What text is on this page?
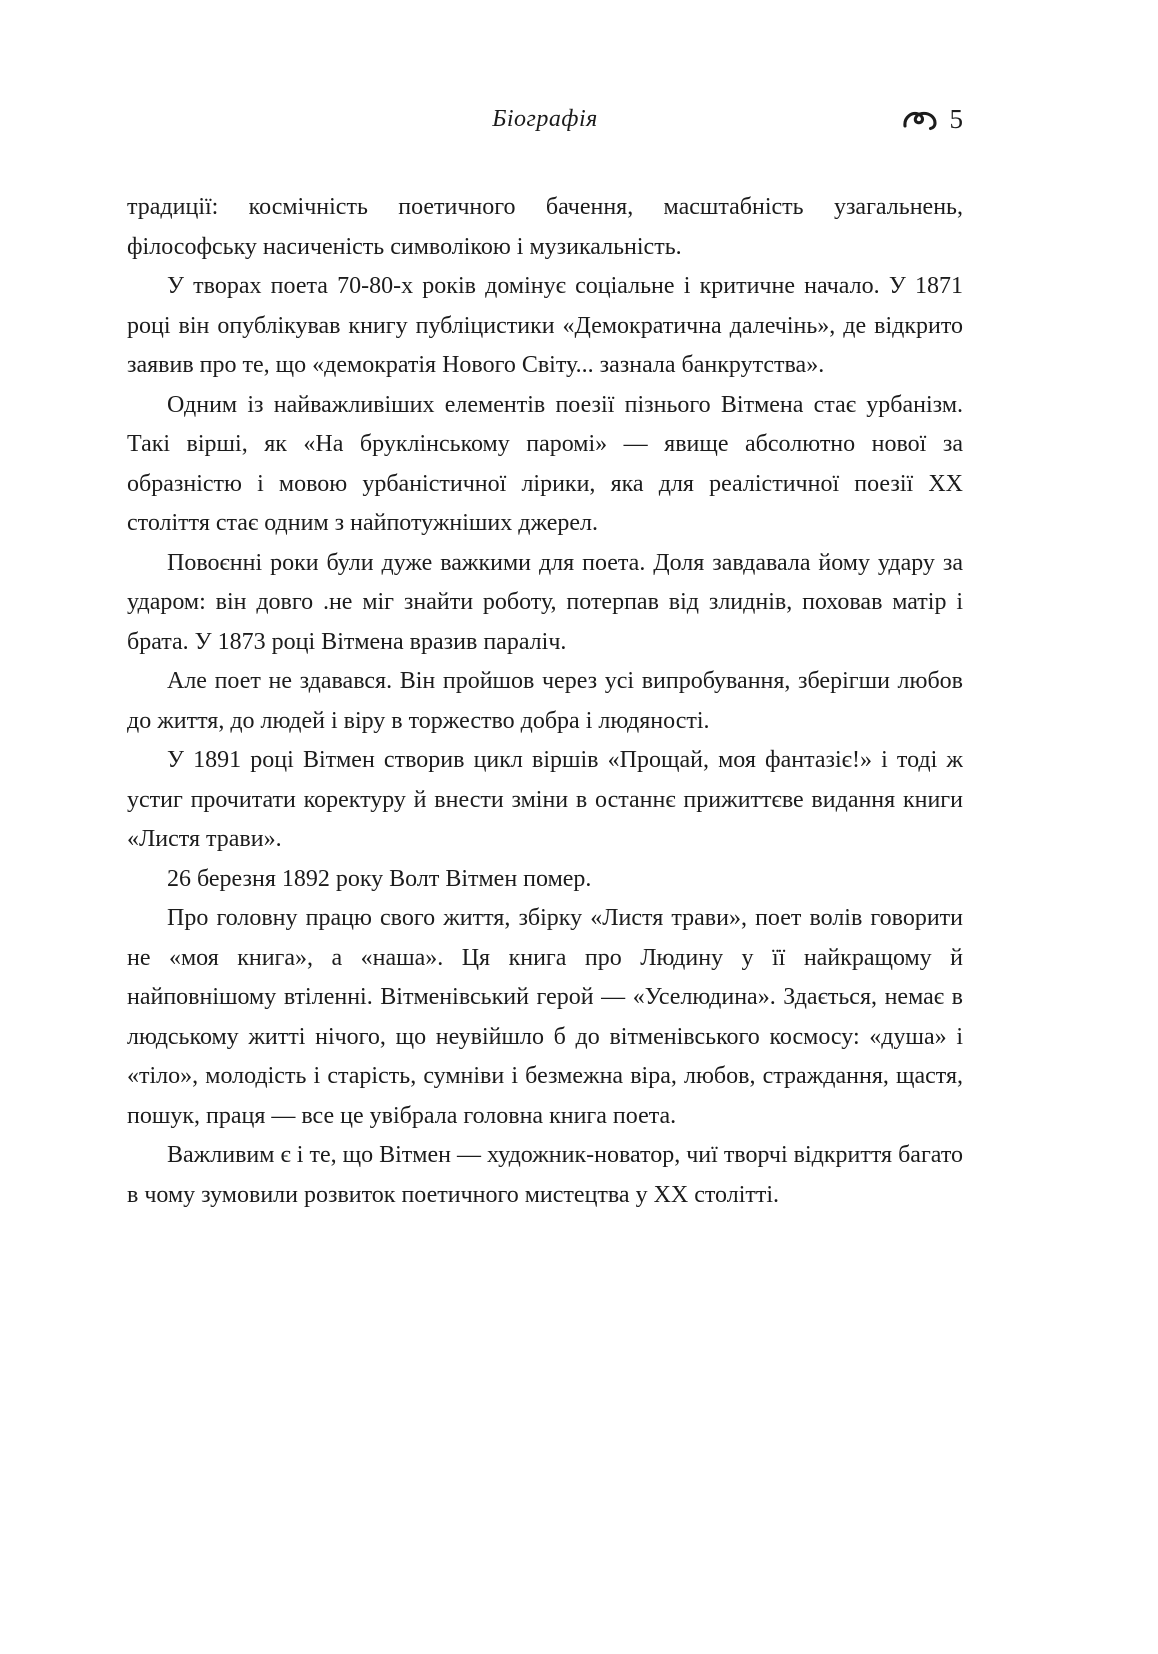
Біографія	5

традиції: космічність поетичного бачення, масштабність узагальнень, філософську насиченість символікою і музикальність.

У творах поета 70-80-х років домінує соціальне і критичне начало. У 1871 році він опублікував книгу публіцистики «Демократична далечінь», де відкрито заявив про те, що «демократія Нового Світу... зазнала банкрутства».

Одним із найважливіших елементів поезії пізнього Вітмена стає урбанізм. Такі вірші, як «На бруклінському паромі» — явище абсолютно нової за образністю і мовою урбаністичної лірики, яка для реалістичної поезії XX століття стає одним з найпотужніших джерел.

Повоєнні роки були дуже важкими для поета. Доля завдавала йому удару за ударом: він довго .не міг знайти роботу, потерпав від злиднів, поховав матір і брата. У 1873 році Вітмена вразив параліч.

Але поет не здавався. Він пройшов через усі випробування, зберігши любов до життя, до людей і віру в торжество добра і людяності.

У 1891 році Вітмен створив цикл віршів «Прощай, моя фантазіє!» і тоді ж устиг прочитати коректуру й внести зміни в останнє прижиттєве видання книги «Листя трави».

26 березня 1892 року Волт Вітмен помер.

Про головну працю свого життя, збірку «Листя трави», поет волів говорити не «моя книга», а «наша». Ця книга про Людину у її найкращому й найповнішому втіленні. Вітменівський герой — «Уселюдина». Здається, немає в людському житті нічого, що неувійшло б до вітменівського космосу: «душа» і «тіло», молодість і старість, сумніви і безмежна віра, любов, страждання, щастя, пошук, праця — все це увібрала головна книга поета.

Важливим є і те, що Вітмен — художник-новатор, чиї творчі відкриття багато в чому зумовили розвиток поетичного мистецтва у XX столітті.
